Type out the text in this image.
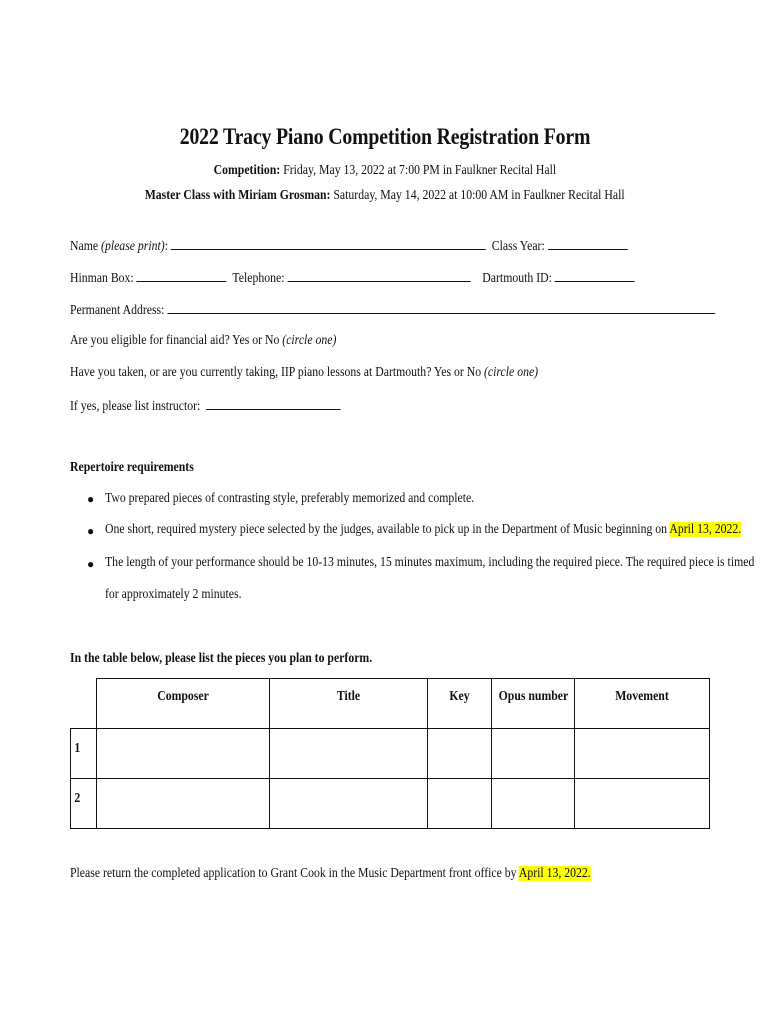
2022 Tracy Piano Competition Registration Form
Competition: Friday, May 13, 2022 at 7:00 PM in Faulkner Recital Hall
Master Class with Miriam Grosman: Saturday, May 14, 2022 at 10:00 AM in Faulkner Recital Hall
Name (please print):	Class Year:
Hinman Box:	Telephone:	Dartmouth ID:
Permanent Address:
Are you eligible for financial aid? Yes or No (circle one)
Have you taken, or are you currently taking, IIP piano lessons at Dartmouth? Yes or No (circle one)
If yes, please list instructor:
Repertoire requirements
● Two prepared pieces of contrasting style, preferably memorized and complete.
● One short, required mystery piece selected by the judges, available to pick up in the Department of Music beginning on April 13, 2022.
● The length of your performance should be 10-13 minutes, 15 minutes maximum, including the required piece. The required piece is timed
for approximately 2 minutes.
In the table below, please list the pieces you plan to perform.

	Composer	Title	Key	Opus number	Movement

1					

2					

Please return the completed application to Grant Cook in the Music Department front office by April 13, 2022.
